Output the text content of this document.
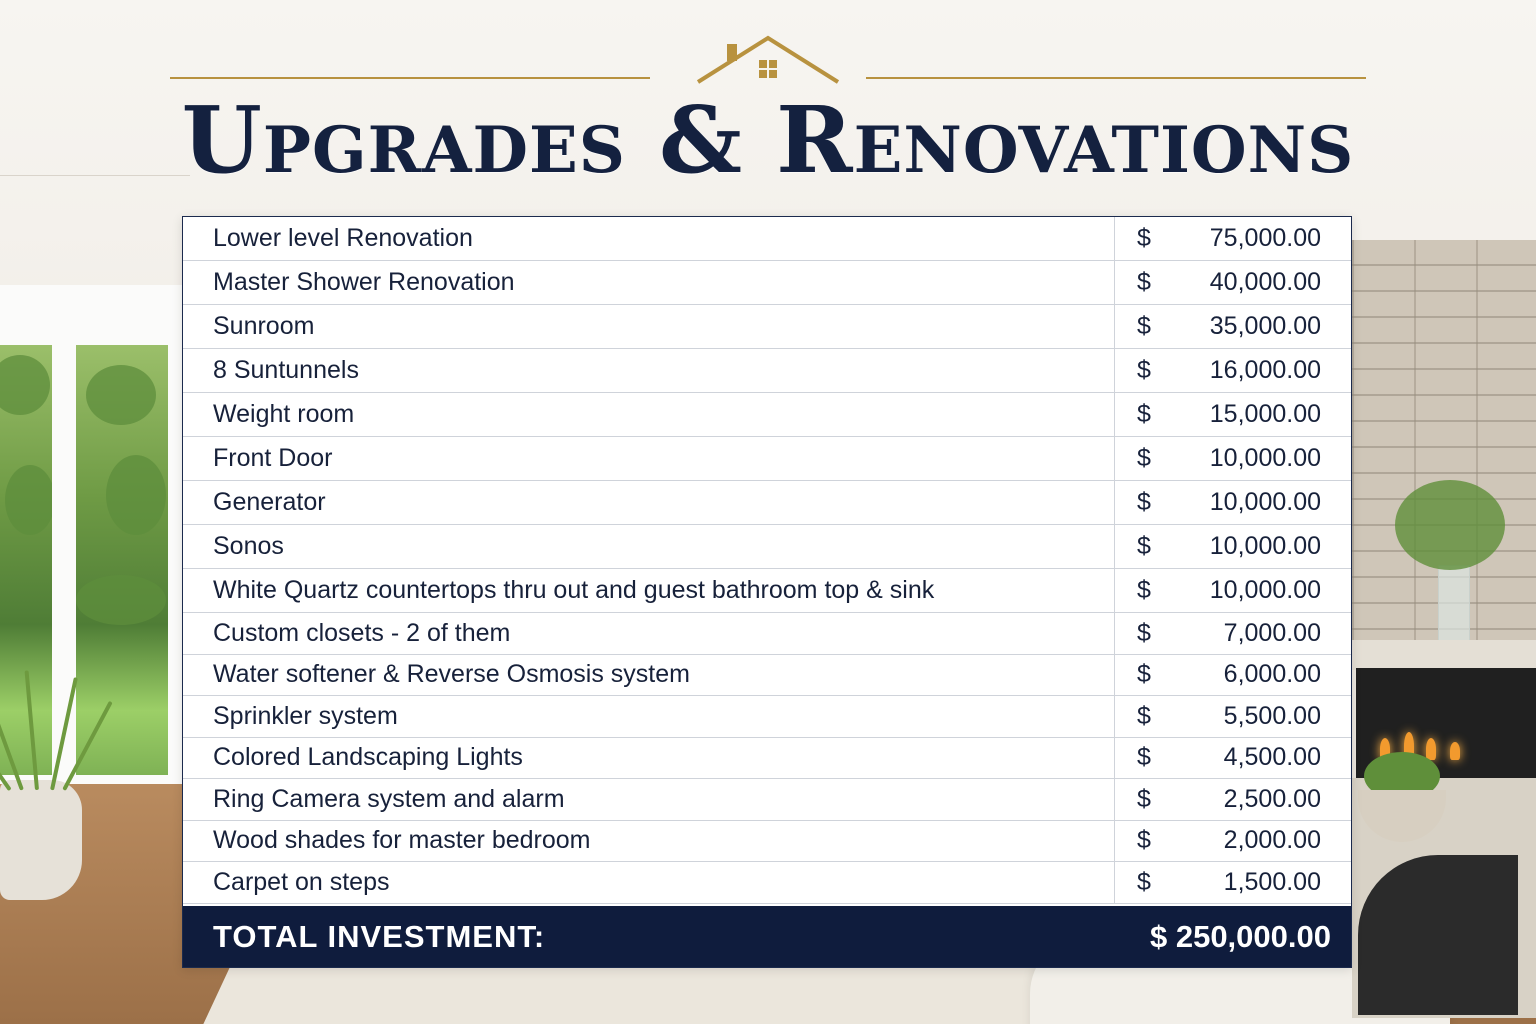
Upgrades & Renovations
Lower level Renovation	$ 75,000.00
Master Shower Renovation	$ 40,000.00
Sunroom	$ 35,000.00
8 Suntunnels	$ 16,000.00
Weight room	$ 15,000.00
Front Door	$ 10,000.00
Generator	$ 10,000.00
Sonos	$ 10,000.00
White Quartz countertops thru out and guest bathroom top & sink	$ 10,000.00
Custom closets - 2 of them	$	7,000.00
Water softener & Reverse Osmosis system	$	6,000.00
Sprinkler system	$	5,500.00
Colored Landscaping Lights	$	4,500.00
Ring Camera system and alarm	$	2,500.00
Wood shades for master bedroom	$	2,000.00
Carpet on steps	$	1,500.00
TOTAL INVESTMENT:	$ 250,000.00
